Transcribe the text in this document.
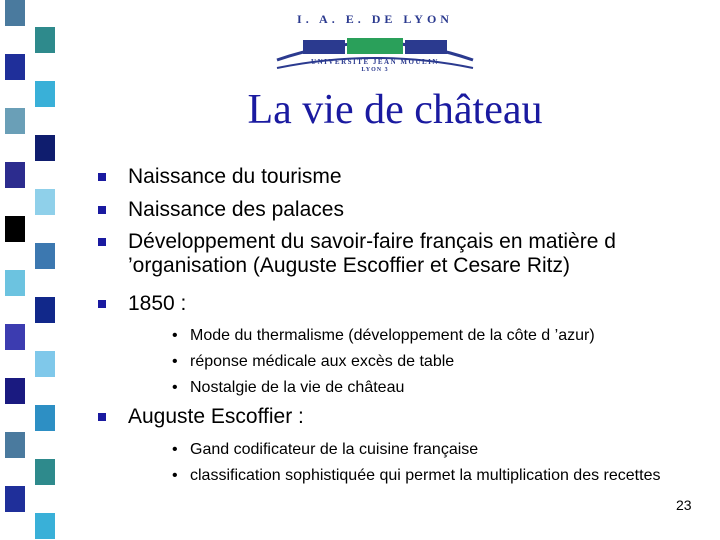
I. A. E. DE LYON
UNIVERSITÉ JEAN MOULIN
LYON 3
La vie de château
Naissance du tourisme
Naissance des palaces
Développement du savoir-faire français en matière d ’organisation (Auguste Escoffier et Cesare Ritz)
1850 :
• Mode du thermalisme (développement de la côte d ’azur)
• réponse médicale aux excès de table
• Nostalgie de la vie de château
Auguste Escoffier :
• Gand codificateur de la cuisine française
• classification sophistiquée qui permet la multiplication des recettes
23
